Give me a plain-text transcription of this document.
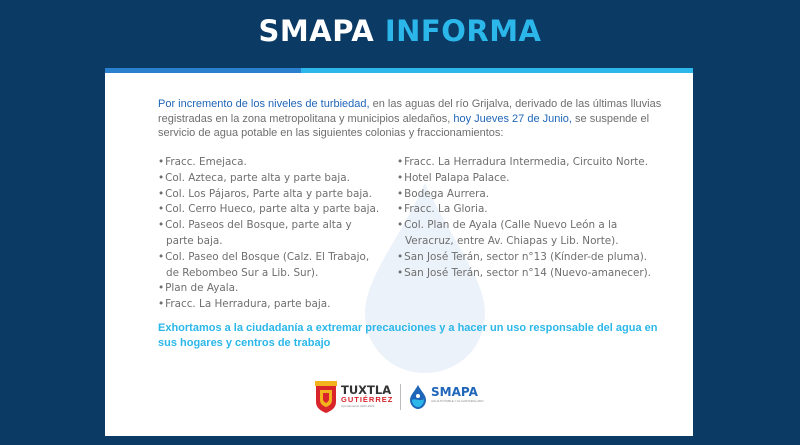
SMAPA INFORMA
Por incremento de los niveles de turbiedad, en las aguas del río Grijalva, derivado de las últimas lluvias registradas en la zona metropolitana y municipios aledaños, hoy Jueves 27 de Junio, se suspende el servicio de agua potable en las siguientes colonias y fraccionamientos:
• Fracc. Emejaca.
• Col. Azteca, parte alta y parte baja.
• Col. Los Pájaros, Parte alta y parte baja.
• Col. Cerro Hueco, parte alta y parte baja.
• Col. Paseos del Bosque, parte alta y parte baja.
• Col. Paseo del Bosque (Calz. El Trabajo, de Rebombeo Sur a Lib. Sur).
• Plan de Ayala.
• Fracc. La Herradura, parte baja.
• Fracc. La Herradura Intermedia, Circuito Norte.
• Hotel Palapa Palace.
• Bodega Aurrera.
• Fracc. La Gloria.
• Col. Plan de Ayala (Calle Nuevo León a la Veracruz, entre Av. Chiapas y Lib. Norte).
• San José Terán, sector n°13 (Kínder-de pluma).
• San José Terán, sector n°14 (Nuevo-amanecer).
Exhortamos a la ciudadanía a extremar precauciones y a hacer un uso responsable del agua en sus hogares y centros de trabajo
TUXTLA
GUTIÉRREZ
Ayuntamiento 2021-2024
SMAPA
AGUA POTABLE Y ALCANTARILLADO
